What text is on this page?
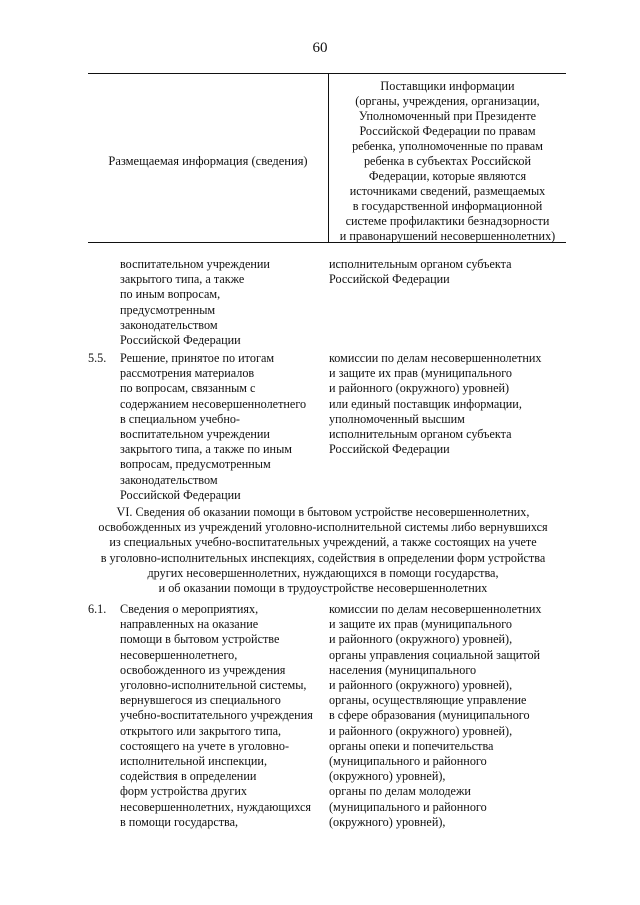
60
Размещаемая информация (сведения)
Поставщики информации
(органы, учреждения, организации,
Уполномоченный при Президенте
Российской Федерации по правам
ребенка, уполномоченные по правам
ребенка в субъектах Российской
Федерации, которые являются
источниками сведений, размещаемых
в государственной информационной
системе профилактики безнадзорности
и правонарушений несовершеннолетних)
воспитательном учреждении
закрытого типа, а также
по иным вопросам,
предусмотренным
законодательством
Российской Федерации
исполнительным органом субъекта
Российской Федерации
5.5. Решение, принятое по итогам
рассмотрения материалов
по вопросам, связанным с
содержанием несовершеннолетнего
в специальном учебно-
воспитательном учреждении
закрытого типа, а также по иным
вопросам, предусмотренным
законодательством
Российской Федерации
комиссии по делам несовершеннолетних
и защите их прав (муниципального
и районного (окружного) уровней)
или единый поставщик информации,
уполномоченный высшим
исполнительным органом субъекта
Российской Федерации
VI. Сведения об оказании помощи в бытовом устройстве несовершеннолетних,
освобожденных из учреждений уголовно-исполнительной системы либо вернувшихся
из специальных учебно-воспитательных учреждений, а также состоящих на учете
в уголовно-исполнительных инспекциях, содействия в определении форм устройства
других несовершеннолетних, нуждающихся в помощи государства,
и об оказании помощи в трудоустройстве несовершеннолетних
6.1. Сведения о мероприятиях,
направленных на оказание
помощи в бытовом устройстве
несовершеннолетнего,
освобожденного из учреждения
уголовно-исполнительной системы,
вернувшегося из специального
учебно-воспитательного учреждения
открытого или закрытого типа,
состоящего на учете в уголовно-
исполнительной инспекции,
содействия в определении
форм устройства других
несовершеннолетних, нуждающихся
в помощи государства,
комиссии по делам несовершеннолетних
и защите их прав (муниципального
и районного (окружного) уровней),
органы управления социальной защитой
населения (муниципального
и районного (окружного) уровней),
органы, осуществляющие управление
в сфере образования (муниципального
и районного (окружного) уровней),
органы опеки и попечительства
(муниципального и районного
(окружного) уровней),
органы по делам молодежи
(муниципального и районного
(окружного) уровней),
